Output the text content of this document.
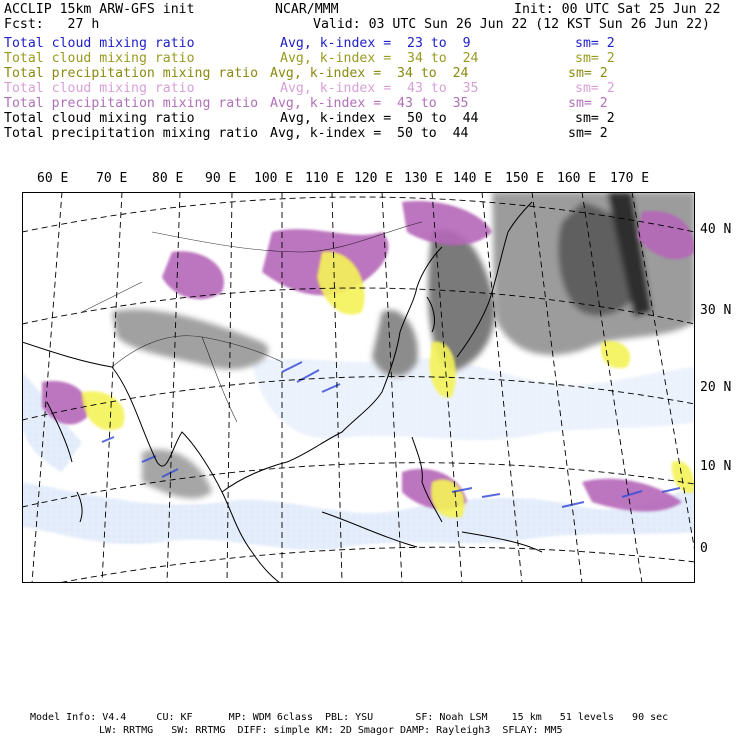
ACCLIP 15km ARW-GFS init	NCAR/MMM	Init: 00 UTC Sat 25 Jun 22
Fcst:   27 h	Valid: 03 UTC Sun 26 Jun 22 (12 KST Sun 26 Jun 22)
Total cloud mixing ratio	Avg, k-index =  23 to  9	sm= 2
Total cloud mixing ratio	Avg, k-index =  34 to  24	sm= 2
Total precipitation mixing ratio Avg, k-index =  34 to  24	sm= 2
Total cloud mixing ratio	Avg, k-index =  43 to  35	sm= 2
Total precipitation mixing ratio Avg, k-index =  43 to  35	sm= 2
Total cloud mixing ratio	Avg, k-index =  50 to  44	sm= 2
Total precipitation mixing ratio Avg, k-index =  50 to  44	sm= 2
60 E 70 E 80 E 90 E 100 E 110 E 120 E 130 E 140 E 150 E 160 E 170 E
40 N
30 N
20 N
10 N
0
Model Info: V4.4     CU: KF      MP: WDM 6class  PBL: YSU       SF: Noah LSM    15 km   51 levels   90 sec
LW: RRTMG   SW: RRTMG  DIFF: simple KM: 2D Smagor DAMP: Rayleigh3  SFLAY: MM5
